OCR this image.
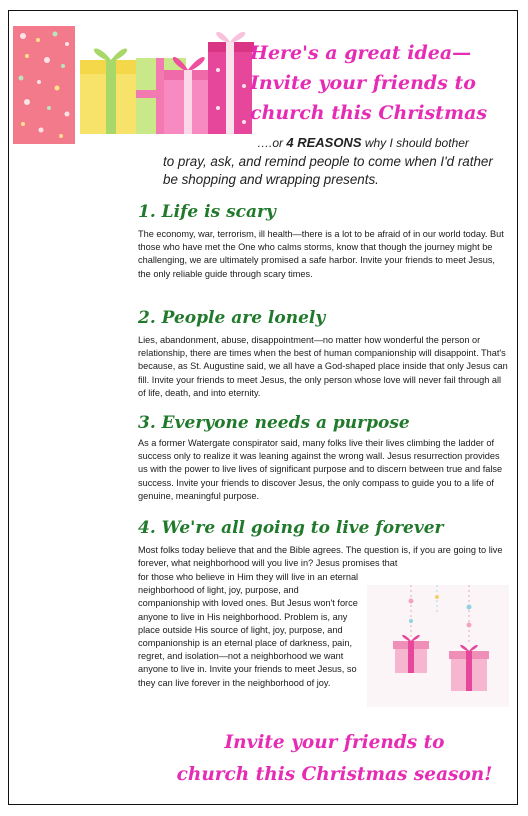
Here's a great idea—
Invite your friends to
church this Christmas
….or 4 REASONS why I should bother
to pray, ask, and remind people to come when I'd rather be shopping and wrapping presents.
1. Life is scary
The economy, war, terrorism, ill health—there is a lot to be afraid of in our world today. But those who have met the One who calms storms, know that though the journey might be challenging, we are ultimately promised a safe harbor. Invite your friends to meet Jesus, the only reliable guide through scary times.
2. People are lonely
Lies, abandonment, abuse, disappointment—no matter how wonderful the person or relationship, there are times when the best of human companionship will disappoint. That's because, as St. Augustine said, we all have a God-shaped place inside that only Jesus can fill. Invite your friends to meet Jesus, the only person whose love will never fail through all of life, death, and into eternity.
3. Everyone needs a purpose
As a former Watergate conspirator said, many folks live their lives climbing the ladder of success only to realize it was leaning against the wrong wall. Jesus resurrection provides us with the power to live lives of significant purpose and to discern between true and false success. Invite your friends to discover Jesus, the only compass to guide you to a life of genuine, meaningful purpose.
4. We're all going to live forever
Most folks today believe that and the Bible agrees. The question is, if you are going to live forever, what neighborhood will you live in? Jesus promises that
for those who believe in Him they will live in an eternal neighborhood of light, joy, purpose, and companionship with loved ones. But Jesus won't force anyone to live in His neighborhood. Problem is, any place outside His source of light, joy, purpose, and companionship is an eternal place of darkness, pain, regret, and isolation—not a neighborhood we want anyone to live in. Invite your friends to meet Jesus, so they can live forever in the neighborhood of joy.
Invite your friends to
church this Christmas season!
